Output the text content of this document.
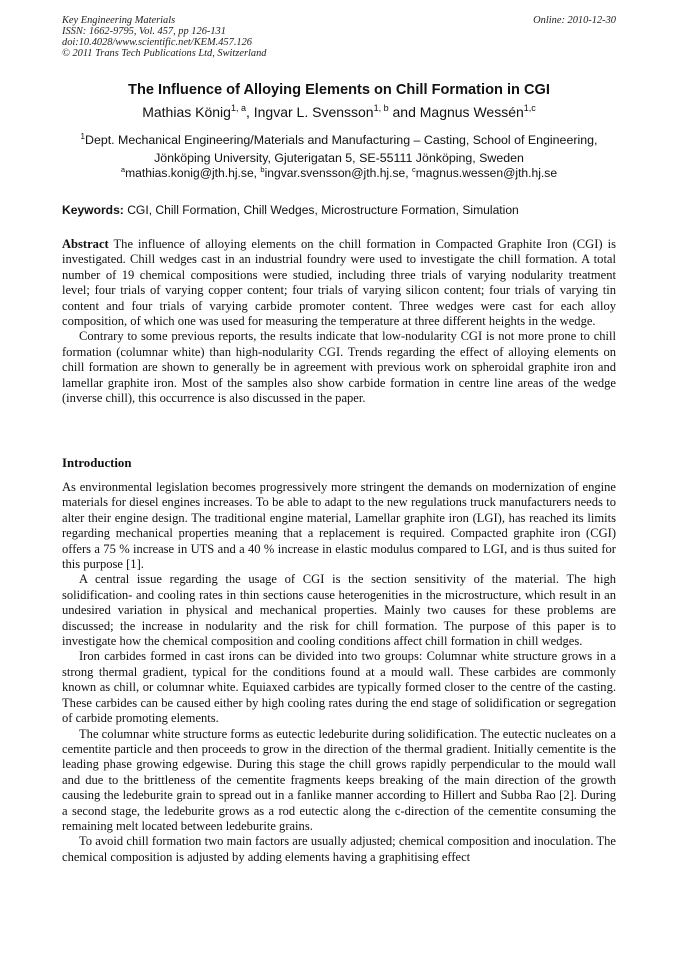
Key Engineering Materials
ISSN: 1662-9795, Vol. 457, pp 126-131
doi:10.4028/www.scientific.net/KEM.457.126
© 2011 Trans Tech Publications Ltd, Switzerland
Online: 2010-12-30
The Influence of Alloying Elements on Chill Formation in CGI
Mathias König$^{1, a}$, Ingvar L. Svensson$^{1, b}$ and Magnus Wessén$^{1,c}$
$^1$Dept. Mechanical Engineering/Materials and Manufacturing – Casting, School of Engineering,
Jönköping University, Gjuterigatan 5, SE-55111 Jönköping, Sweden
$^a$mathias.konig@jth.hj.se, $^b$ingvar.svensson@jth.hj.se, $^c$magnus.wessen@jth.hj.se
Keywords: CGI, Chill Formation, Chill Wedges, Microstructure Formation, Simulation

Abstract The influence of alloying elements on the chill formation in Compacted Graphite Iron (CGI) is investigated. Chill wedges cast in an industrial foundry were used to investigate the chill formation. A total number of 19 chemical compositions were studied, including three trials of varying nodularity treatment level; four trials of varying copper content; four trials of varying silicon content; four trials of varying tin content and four trials of varying carbide promoter content. Three wedges were cast for each alloy composition, of which one was used for measuring the temperature at three different heights in the wedge.

Contrary to some previous reports, the results indicate that low-nodularity CGI is not more prone to chill formation (columnar white) than high-nodularity CGI. Trends regarding the effect of alloying elements on chill formation are shown to generally be in agreement with previous work on spheroidal graphite iron and lamellar graphite iron. Most of the samples also show carbide formation in centre line areas of the wedge (inverse chill), this occurrence is also discussed in the paper.

Introduction

As environmental legislation becomes progressively more stringent the demands on modernization of engine materials for diesel engines increases. To be able to adapt to the new regulations truck manufacturers needs to alter their engine design. The traditional engine material, Lamellar graphite iron (LGI), has reached its limits regarding mechanical properties meaning that a replacement is required. Compacted graphite iron (CGI) offers a 75 % increase in UTS and a 40 % increase in elastic modulus compared to LGI, and is thus suited for this purpose [1].

A central issue regarding the usage of CGI is the section sensitivity of the material. The high solidification- and cooling rates in thin sections cause heterogenities in the microstructure, which result in an undesired variation in physical and mechanical properties. Mainly two causes for these problems are discussed; the increase in nodularity and the risk for chill formation. The purpose of this paper is to investigate how the chemical composition and cooling conditions affect chill formation in chill wedges.

Iron carbides formed in cast irons can be divided into two groups: Columnar white structure grows in a strong thermal gradient, typical for the conditions found at a mould wall. These carbides are commonly known as chill, or columnar white. Equiaxed carbides are typically formed closer to the centre of the casting. These carbides can be caused either by high cooling rates during the end stage of solidification or segregation of carbide promoting elements.

The columnar white structure forms as eutectic ledeburite during solidification. The eutectic nucleates on a cementite particle and then proceeds to grow in the direction of the thermal gradient. Initially cementite is the leading phase growing edgewise. During this stage the chill grows rapidly perpendicular to the mould wall and due to the brittleness of the cementite fragments keeps breaking of the main direction of the growth causing the ledeburite grain to spread out in a fanlike manner according to Hillert and Subba Rao [2]. During a second stage, the ledeburite grows as a rod eutectic along the c-direction of the cementite consuming the remaining melt located between ledeburite grains.

To avoid chill formation two main factors are usually adjusted; chemical composition and inoculation. The chemical composition is adjusted by adding elements having a graphitising effect
